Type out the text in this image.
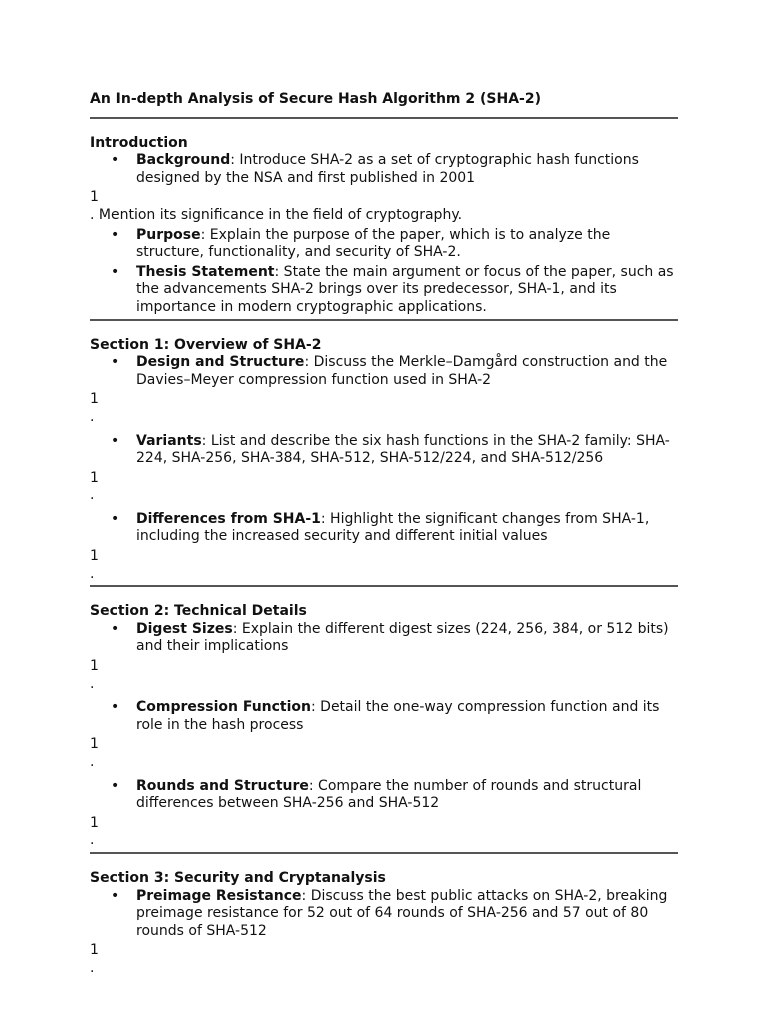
An In-depth Analysis of Secure Hash Algorithm 2 (SHA-2)

Introduction

• Background: Introduce SHA-2 as a set of cryptographic hash functions designed by the NSA and first published in 2001

1

. Mention its significance in the field of cryptography.

• Purpose: Explain the purpose of the paper, which is to analyze the structure, functionality, and security of SHA-2.
• Thesis Statement: State the main argument or focus of the paper, such as the advancements SHA-2 brings over its predecessor, SHA-1, and its importance in modern cryptographic applications.

Section 1: Overview of SHA-2

• Design and Structure: Discuss the Merkle–Damgård construction and the Davies–Meyer compression function used in SHA-2

1

.

• Variants: List and describe the six hash functions in the SHA-2 family: SHA-224, SHA-256, SHA-384, SHA-512, SHA-512/224, and SHA-512/256

1

.

• Differences from SHA-1: Highlight the significant changes from SHA-1, including the increased security and different initial values

1

.

Section 2: Technical Details

• Digest Sizes: Explain the different digest sizes (224, 256, 384, or 512 bits) and their implications

1

.

• Compression Function: Detail the one-way compression function and its role in the hash process

1

.

• Rounds and Structure: Compare the number of rounds and structural differences between SHA-256 and SHA-512

1

.

Section 3: Security and Cryptanalysis

• Preimage Resistance: Discuss the best public attacks on SHA-2, breaking preimage resistance for 52 out of 64 rounds of SHA-256 and 57 out of 80 rounds of SHA-512

1

.
